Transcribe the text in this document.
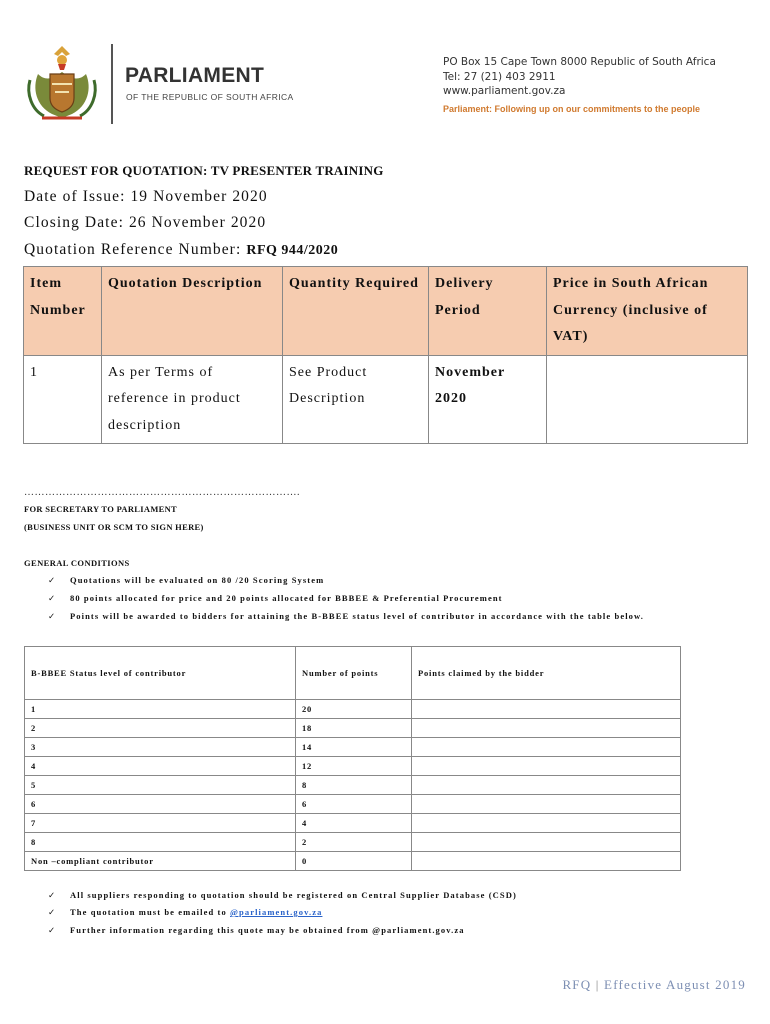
PARLIAMENT
OF THE REPUBLIC OF SOUTH AFRICA
PO Box 15 Cape Town 8000 Republic of South Africa
Tel: 27 (21) 403 2911
www.parliament.gov.za
Parliament: Following up on our commitments to the people
REQUEST FOR QUOTATION: TV PRESENTER TRAINING
Date of Issue: 19 November 2020
Closing Date: 26 November 2020
Quotation Reference Number: RFQ 944/2020
Item Number	Quotation Description	Quantity Required	Delivery Period	Price in South African Currency (inclusive of VAT)
1	As per Terms of reference in product description	See Product Description	November 2020	
…………………………………………………………………….
FOR SECRETARY TO PARLIAMENT
(BUSINESS UNIT OR SCM TO SIGN HERE)
GENERAL CONDITIONS
✓ Quotations will be evaluated on 80 /20 Scoring System
✓ 80 points allocated for price and 20 points allocated for BBBEE & Preferential Procurement
✓ Points will be awarded to bidders for attaining the B-BBEE status level of contributor in accordance with the table below.
B-BBEE Status level of contributor	Number of points	Points claimed by the bidder
1	20	
2	18	
3	14	
4	12	
5	8	
6	6	
7	4	
8	2	
Non –compliant contributor	0	
✓ All suppliers responding to quotation should be registered on Central Supplier Database (CSD)
✓ The quotation must be emailed to @parliament.gov.za
✓ Further information regarding this quote may be obtained from @parliament.gov.za
RFQ | Effective August 2019
